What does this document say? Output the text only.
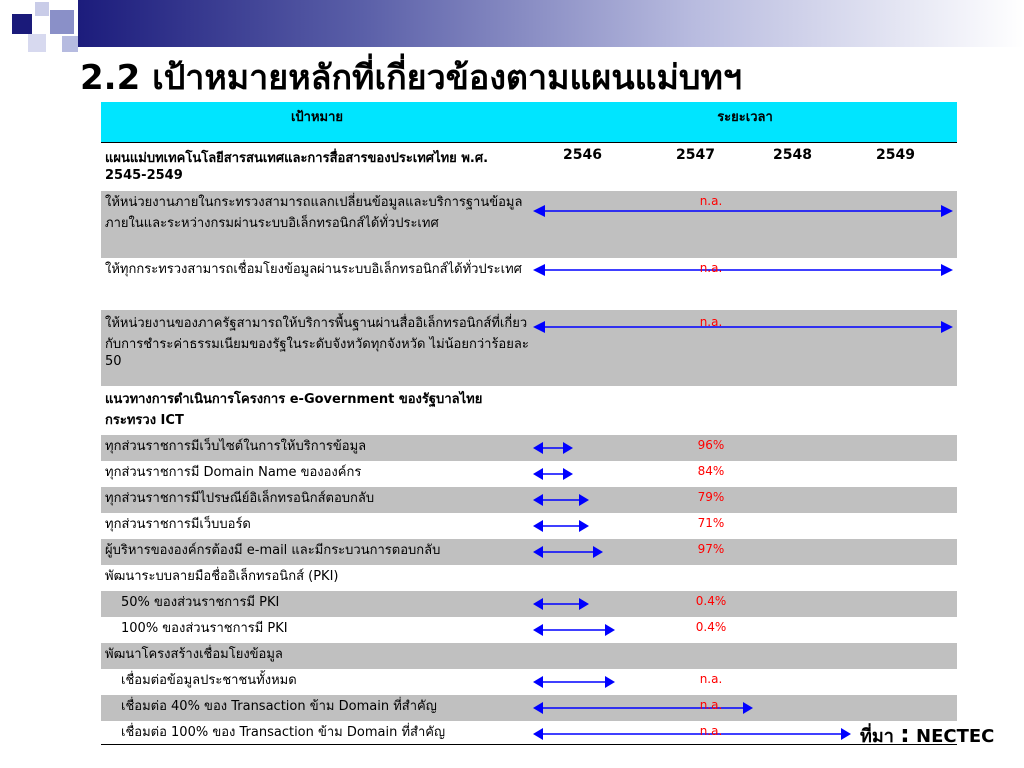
2.2 เป้าหมายหลักที่เกี่ยวข้องตามแผนแม่บทฯ
เป้าหมาย	ระยะเวลา
แผนแม่บทเทคโนโลยีสารสนเทศและการสื่อสารของประเทศไทย พ.ศ. 2545-2549	2546 2547 2548 2549

ให้หน่วยงานภายในกระทรวงสามารถแลกเปลี่ยนข้อมูลและบริการฐานข้อมูลภายในและระหว่างกรมผ่านระบบอิเล็กทรอนิกส์ได้ทั่วประเทศ	n.a.

ให้ทุกกระทรวงสามารถเชื่อมโยงข้อมูลผ่านระบบอิเล็กทรอนิกส์ได้ทั่วประเทศ	n.a.

ให้หน่วยงานของภาครัฐสามารถให้บริการพื้นฐานผ่านสื่ออิเล็กทรอนิกส์ที่เกี่ยวกับการชำระค่าธรรมเนียมของรัฐในระดับจังหวัดทุกจังหวัด ไม่น้อยกว่าร้อยละ 50	n.a.

แนวทางการดำเนินการโครงการ e-Government ของรัฐบาลไทย กระทรวง ICT	
ทุกส่วนราชการมีเว็บไซต์ในการให้บริการข้อมูล	96%

ทุกส่วนราชการมี Domain Name ขององค์กร	84%

ทุกส่วนราชการมีไปรษณีย์อิเล็กทรอนิกส์ตอบกลับ	79%

ทุกส่วนราชการมีเว็บบอร์ด	71%

ผู้บริหารขององค์กรต้องมี e-mail และมีกระบวนการตอบกลับ	97%

พัฒนาระบบลายมือชื่ออิเล็กทรอนิกส์ (PKI)	
50% ของส่วนราชการมี PKI	0.4%

100% ของส่วนราชการมี PKI	0.4%

พัฒนาโครงสร้างเชื่อมโยงข้อมูล	
เชื่อมต่อข้อมูลประชาชนทั้งหมด	n.a.

เชื่อมต่อ 40% ของ Transaction ข้าม Domain ที่สำคัญ	n.a.

เชื่อมต่อ 100% ของ Transaction ข้าม Domain ที่สำคัญ	n.a.	ที่มา : NECTEC
